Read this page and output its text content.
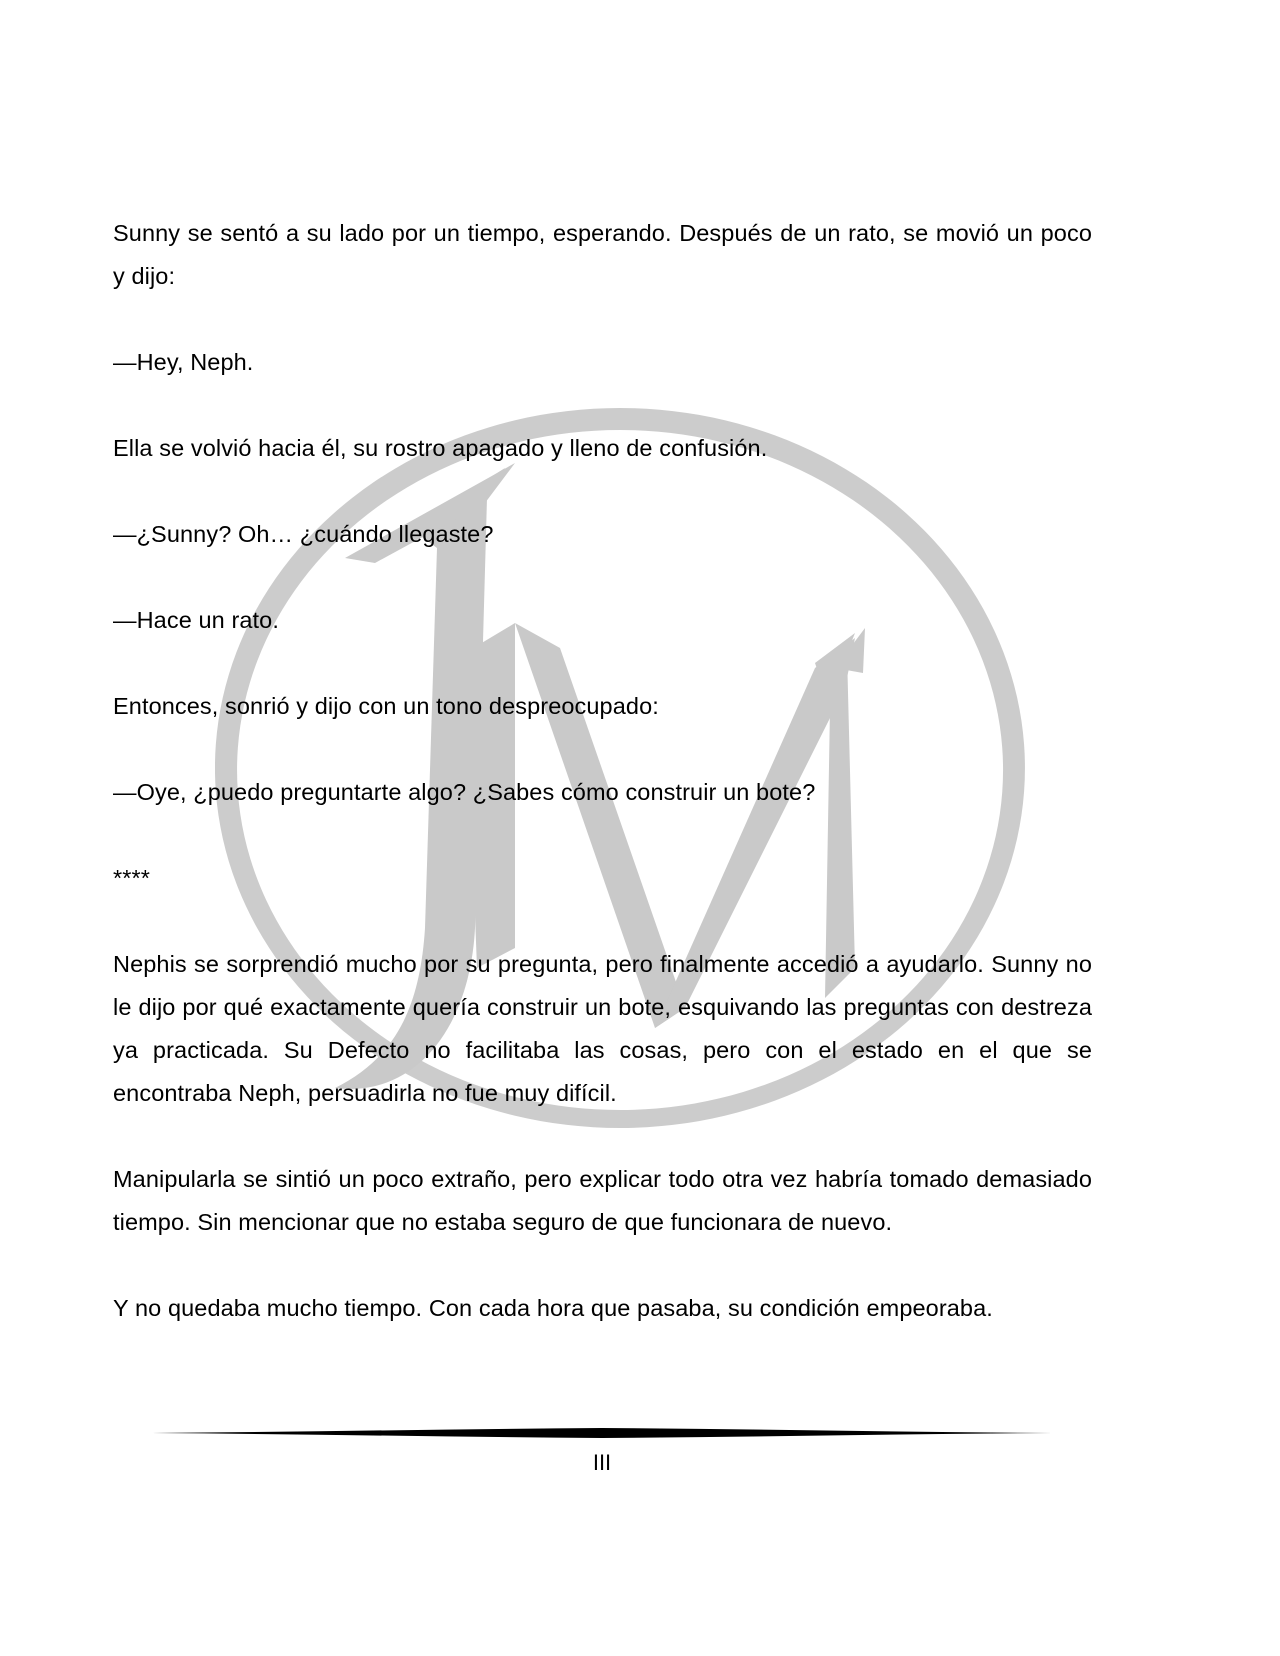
Sunny se sentó a su lado por un tiempo, esperando. Después de un rato, se movió un poco y dijo:

—Hey, Neph.

Ella se volvió hacia él, su rostro apagado y lleno de confusión.

—¿Sunny? Oh… ¿cuándo llegaste?

—Hace un rato.

Entonces, sonrió y dijo con un tono despreocupado:

—Oye, ¿puedo preguntarte algo? ¿Sabes cómo construir un bote?

****

Nephis se sorprendió mucho por su pregunta, pero finalmente accedió a ayudarlo. Sunny no le dijo por qué exactamente quería construir un bote, esquivando las preguntas con destreza ya practicada. Su Defecto no facilitaba las cosas, pero con el estado en el que se encontraba Neph, persuadirla no fue muy difícil.

Manipularla se sintió un poco extraño, pero explicar todo otra vez habría tomado demasiado tiempo. Sin mencionar que no estaba seguro de que funcionara de nuevo.

Y no quedaba mucho tiempo. Con cada hora que pasaba, su condición empeoraba.

III
